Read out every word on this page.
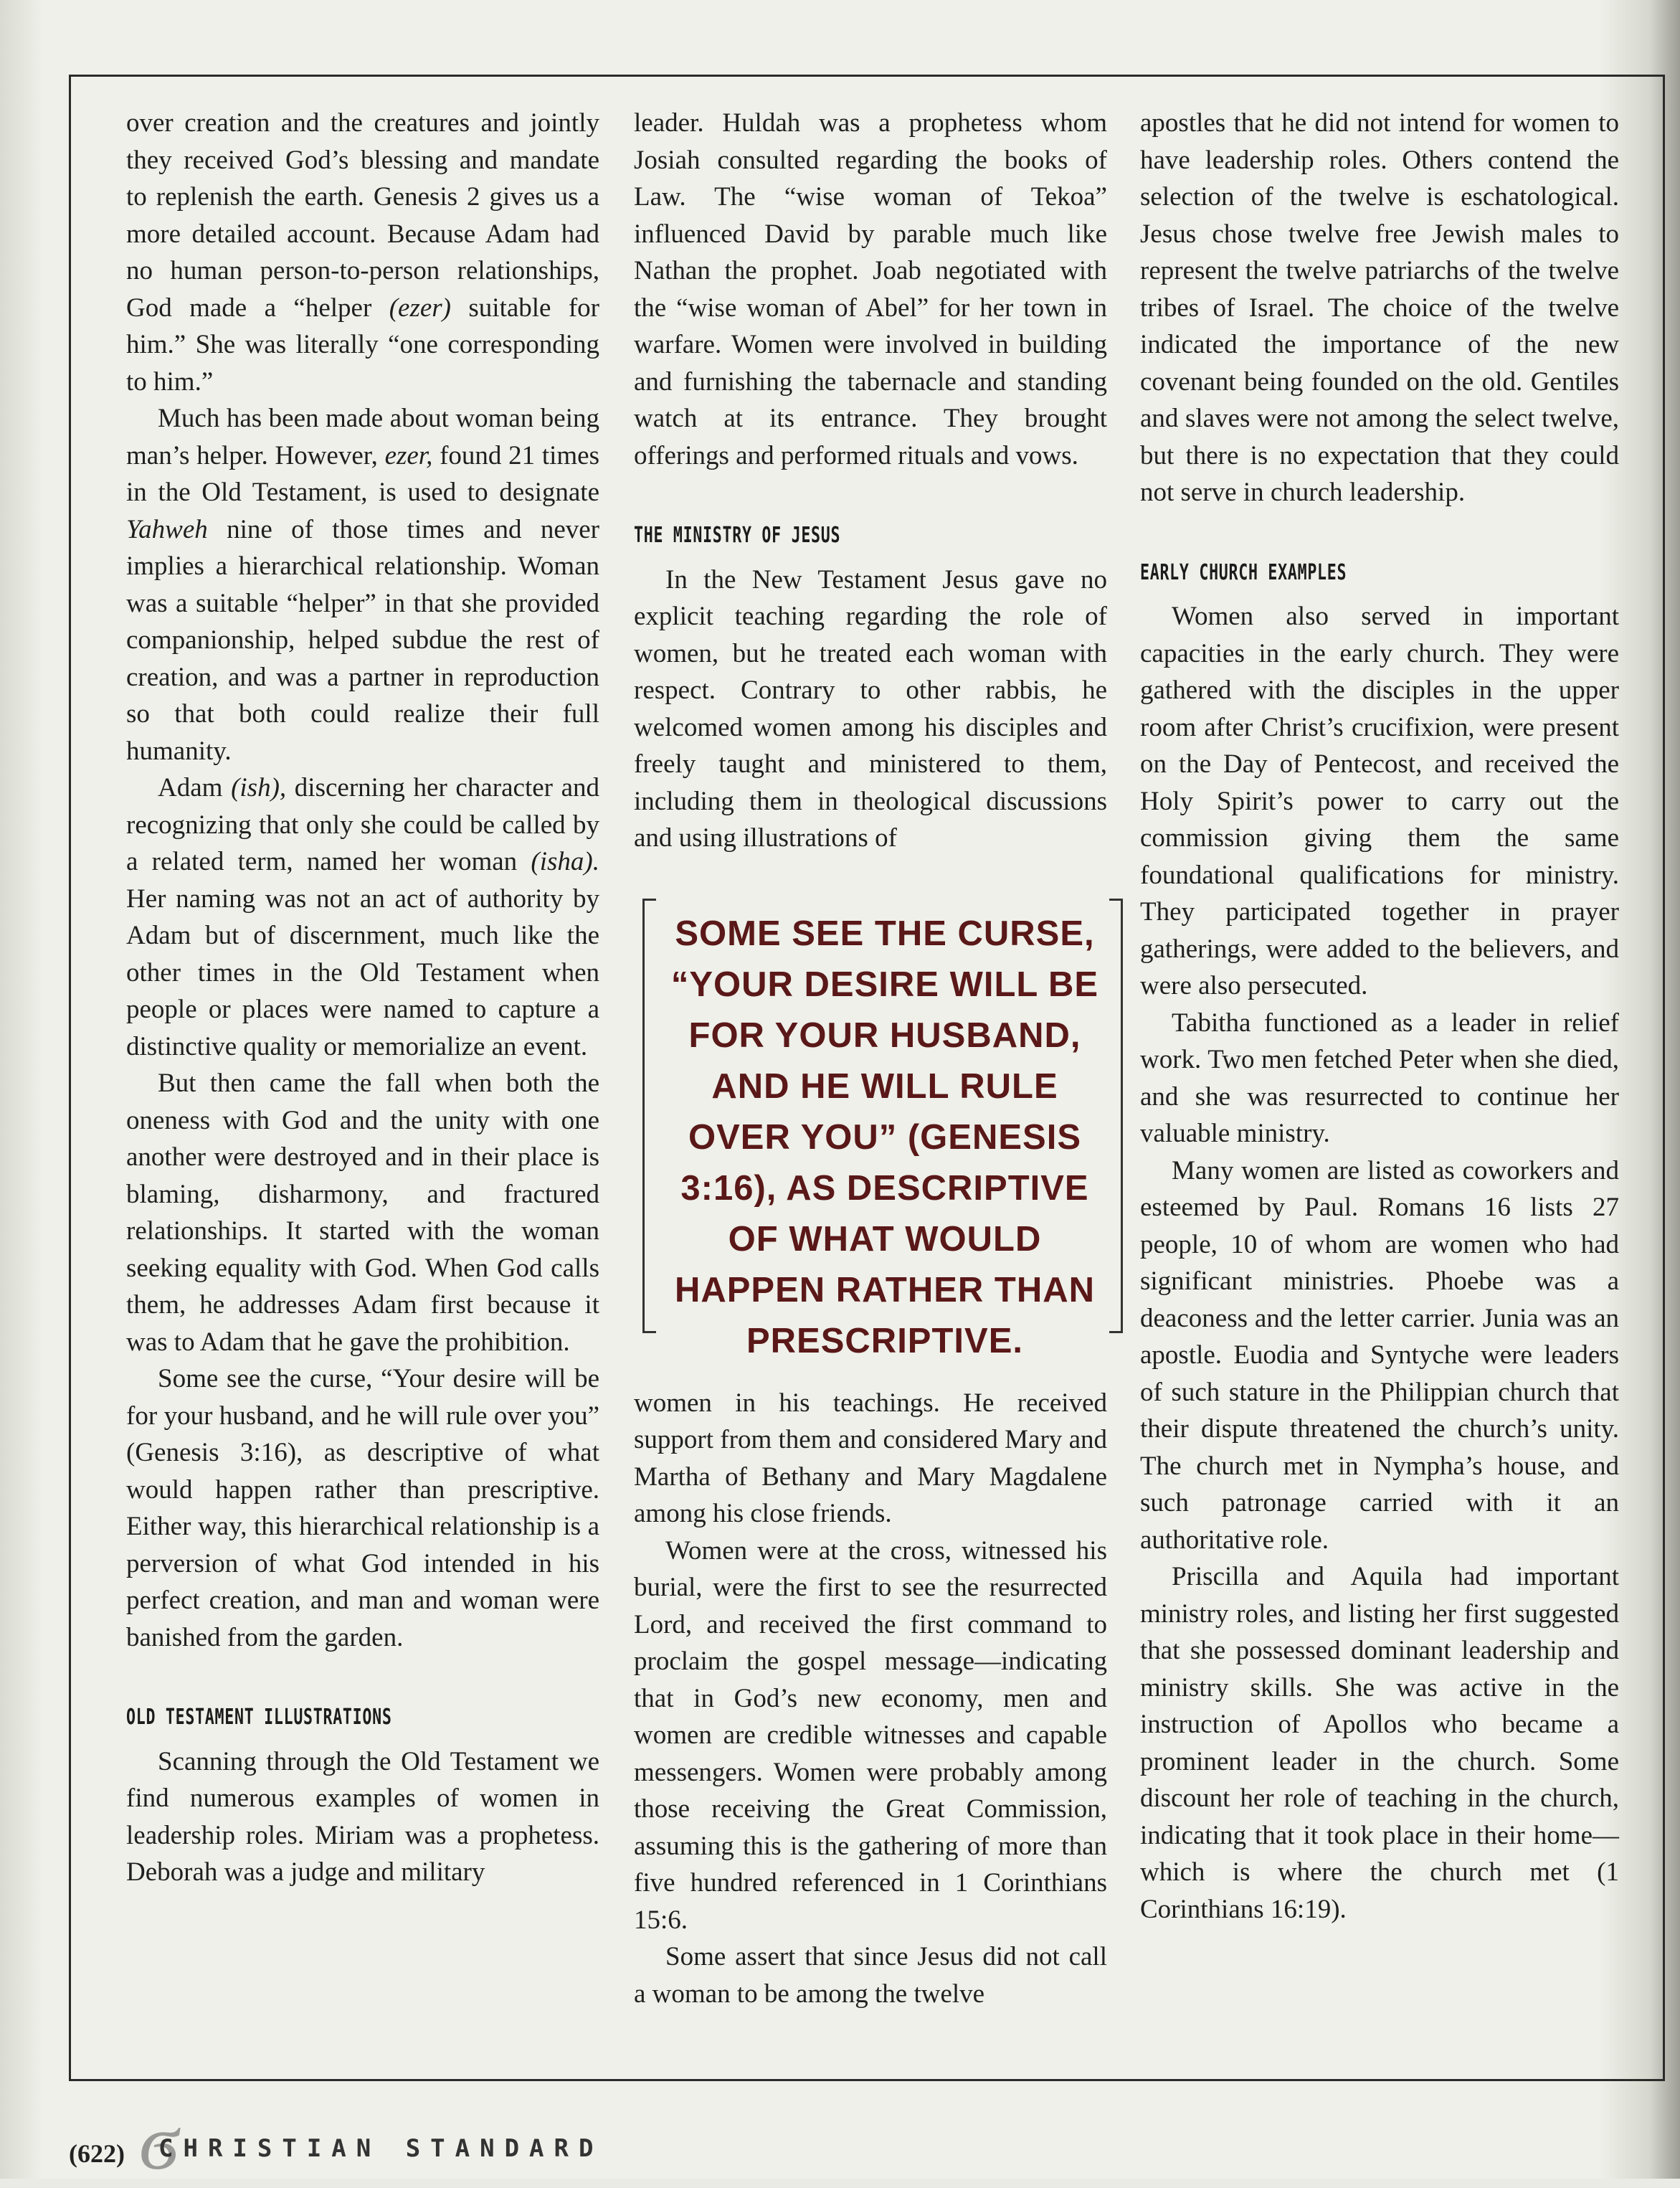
over creation and the creatures and jointly they received God’s blessing and mandate to replenish the earth. Genesis 2 gives us a more detailed account. Because Adam had no human person-to-person relationships, God made a “helper (ezer) suitable for him.” She was literally “one corresponding to him.”

Much has been made about woman being man’s helper. However, ezer, found 21 times in the Old Testament, is used to designate Yahweh nine of those times and never implies a hierarchical relationship. Woman was a suitable “helper” in that she provided companionship, helped subdue the rest of creation, and was a partner in reproduction so that both could realize their full humanity.

Adam (ish), discerning her character and recognizing that only she could be called by a related term, named her woman (isha). Her naming was not an act of authority by Adam but of discernment, much like the other times in the Old Testament when people or places were named to capture a distinctive quality or memorialize an event.

But then came the fall when both the oneness with God and the unity with one another were destroyed and in their place is blaming, disharmony, and fractured relationships. It started with the woman seeking equality with God. When God calls them, he addresses Adam first because it was to Adam that he gave the prohibition.

Some see the curse, “Your desire will be for your husband, and he will rule over you” (Genesis 3:16), as descriptive of what would happen rather than prescriptive. Either way, this hierarchical relationship is a perversion of what God intended in his perfect creation, and man and woman were banished from the garden.

OLD TESTAMENT ILLUSTRATIONS

Scanning through the Old Testament we find numerous examples of women in leadership roles. Miriam was a prophetess. Deborah was a judge and military

leader. Huldah was a prophetess whom Josiah consulted regarding the books of Law. The “wise woman of Tekoa” influenced David by parable much like Nathan the prophet. Joab negotiated with the “wise woman of Abel” for her town in warfare. Women were involved in building and furnishing the tabernacle and standing watch at its entrance. They brought offerings and performed rituals and vows.

THE MINISTRY OF JESUS

In the New Testament Jesus gave no explicit teaching regarding the role of women, but he treated each woman with respect. Contrary to other rabbis, he welcomed women among his disciples and freely taught and ministered to them, including them in theological discussions and using illustrations of

SOME SEE THE CURSE, “YOUR DESIRE WILL BE FOR YOUR HUSBAND, AND HE WILL RULE OVER YOU” (GENESIS 3:16), AS DESCRIPTIVE OF WHAT WOULD HAPPEN RATHER THAN PRESCRIPTIVE.

women in his teachings. He received support from them and considered Mary and Martha of Bethany and Mary Magdalene among his close friends.

Women were at the cross, witnessed his burial, were the first to see the resurrected Lord, and received the first command to proclaim the gospel message—indicating that in God’s new economy, men and women are credible witnesses and capable messengers. Women were probably among those receiving the Great Commission, assuming this is the gathering of more than five hundred referenced in 1 Corinthians 15:6.

Some assert that since Jesus did not call a woman to be among the twelve

apostles that he did not intend for women to have leadership roles. Others contend the selection of the twelve is eschatological. Jesus chose twelve free Jewish males to represent the twelve patriarchs of the twelve tribes of Israel. The choice of the twelve indicated the importance of the new covenant being founded on the old. Gentiles and slaves were not among the select twelve, but there is no expectation that they could not serve in church leadership.

EARLY CHURCH EXAMPLES

Women also served in important capacities in the early church. They were gathered with the disciples in the upper room after Christ’s crucifixion, were present on the Day of Pentecost, and received the Holy Spirit’s power to carry out the commission giving them the same foundational qualifications for ministry. They participated together in prayer gatherings, were added to the believers, and were also persecuted.

Tabitha functioned as a leader in relief work. Two men fetched Peter when she died, and she was resurrected to continue her valuable ministry.

Many women are listed as coworkers and esteemed by Paul. Romans 16 lists 27 people, 10 of whom are women who had significant ministries. Phoebe was a deaconess and the letter carrier. Junia was an apostle. Euodia and Syntyche were leaders of such stature in the Philippian church that their dispute threatened the church’s unity. The church met in Nympha’s house, and such patronage carried with it an authoritative role.

Priscilla and Aquila had important ministry roles, and listing her first suggested that she possessed dominant leadership and ministry skills. She was active in the instruction of Apollos who became a prominent leader in the church. Some discount her role of teaching in the church, indicating that it took place in their home—which is where the church met (1 Corinthians 16:19).

(622) ϭ
CHRISTIAN STANDARD
